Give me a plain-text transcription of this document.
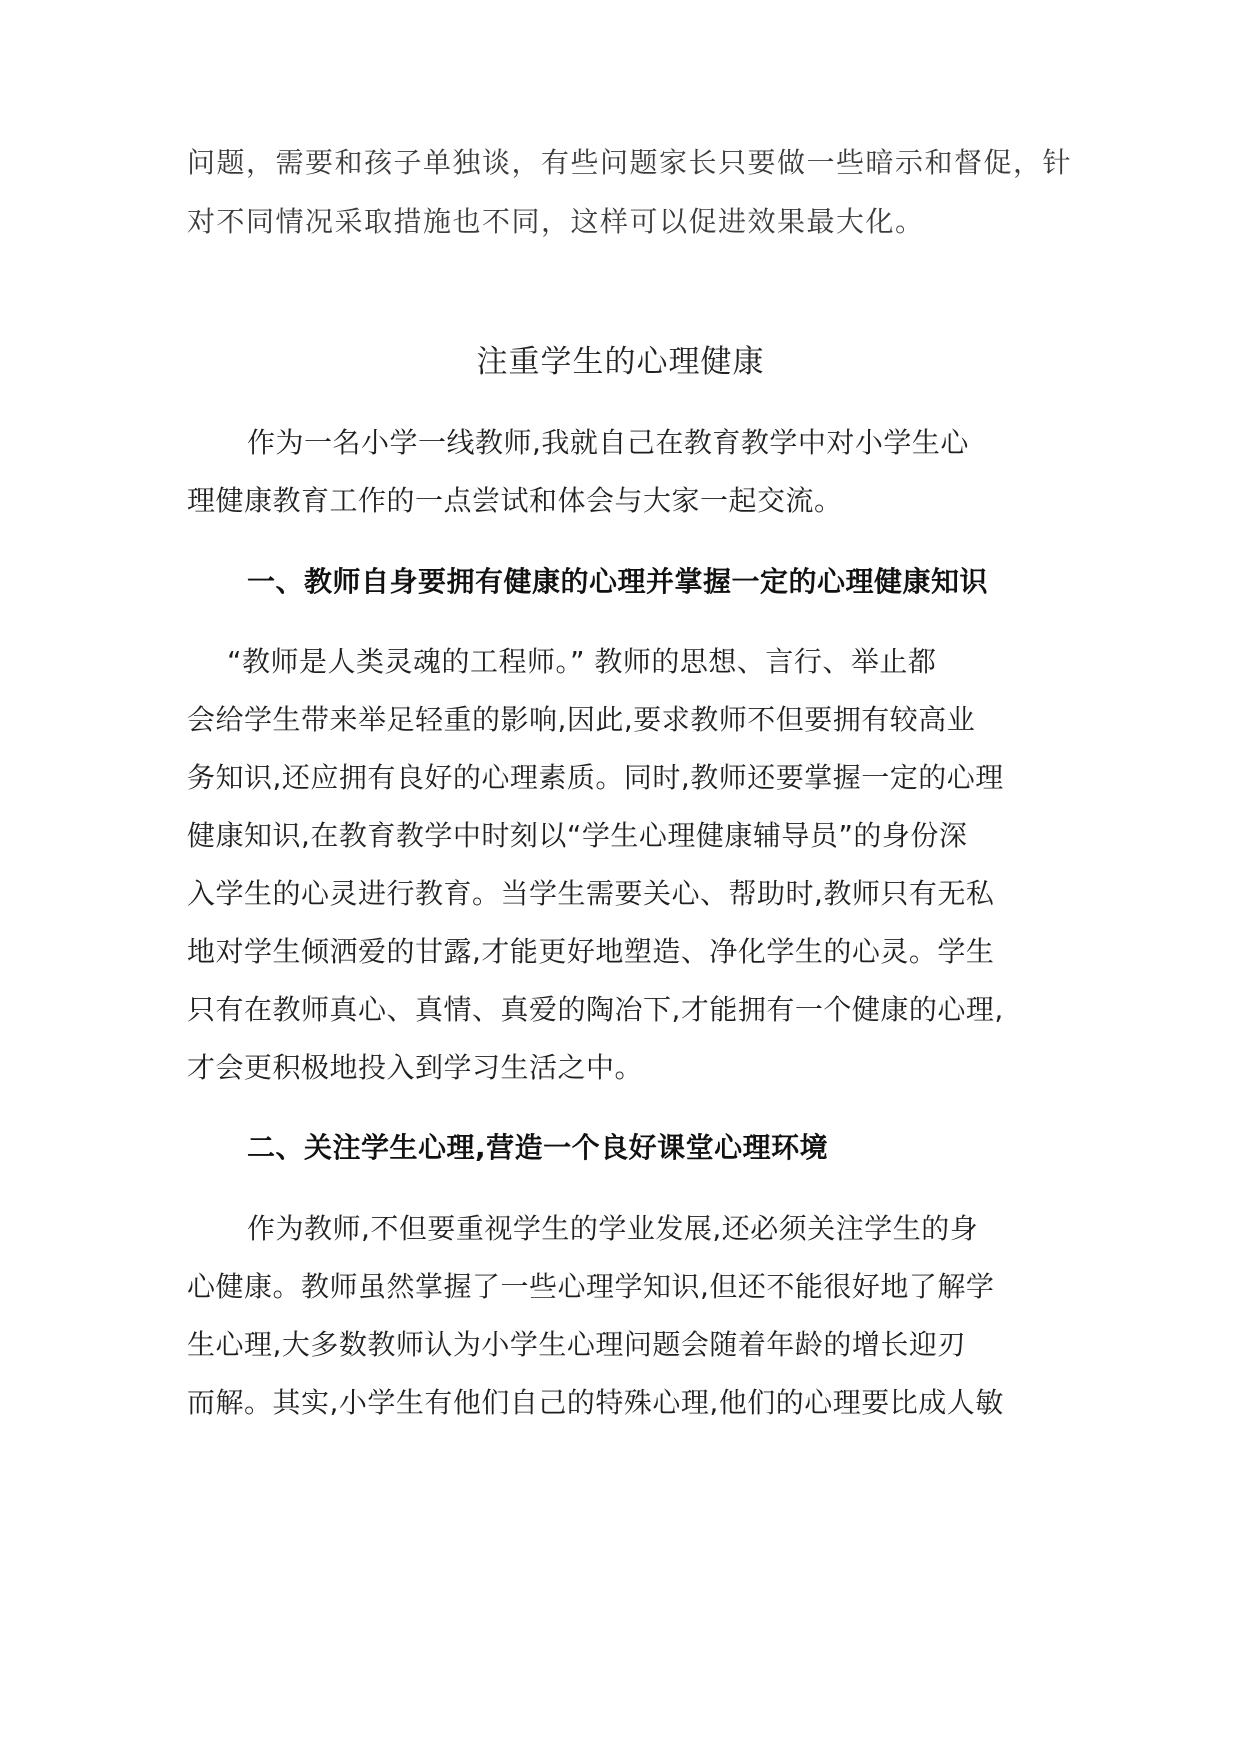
问题，需要和孩子单独谈，有些问题家长只要做一些暗示和督促，针
对不同情况采取措施也不同，这样可以促进效果最大化。
注重学生的心理健康
作为一名小学一线教师,我就自己在教育教学中对小学生心
理健康教育工作的一点尝试和体会与大家一起交流。
一、教师自身要拥有健康的心理并掌握一定的心理健康知识
“教师是人类灵魂的工程师。” 教师的思想、言行、举止都
会给学生带来举足轻重的影响,因此,要求教师不但要拥有较高业
务知识,还应拥有良好的心理素质。同时,教师还要掌握一定的心理
健康知识,在教育教学中时刻以“学生心理健康辅导员”的身份深
入学生的心灵进行教育。当学生需要关心、帮助时,教师只有无私
地对学生倾洒爱的甘露,才能更好地塑造、净化学生的心灵。学生
只有在教师真心、真情、真爱的陶冶下,才能拥有一个健康的心理,
才会更积极地投入到学习生活之中。
二、关注学生心理,营造一个良好课堂心理环境
作为教师,不但要重视学生的学业发展,还必须关注学生的身
心健康。教师虽然掌握了一些心理学知识,但还不能很好地了解学
生心理,大多数教师认为小学生心理问题会随着年龄的增长迎刃
而解。其实,小学生有他们自己的特殊心理,他们的心理要比成人敏
